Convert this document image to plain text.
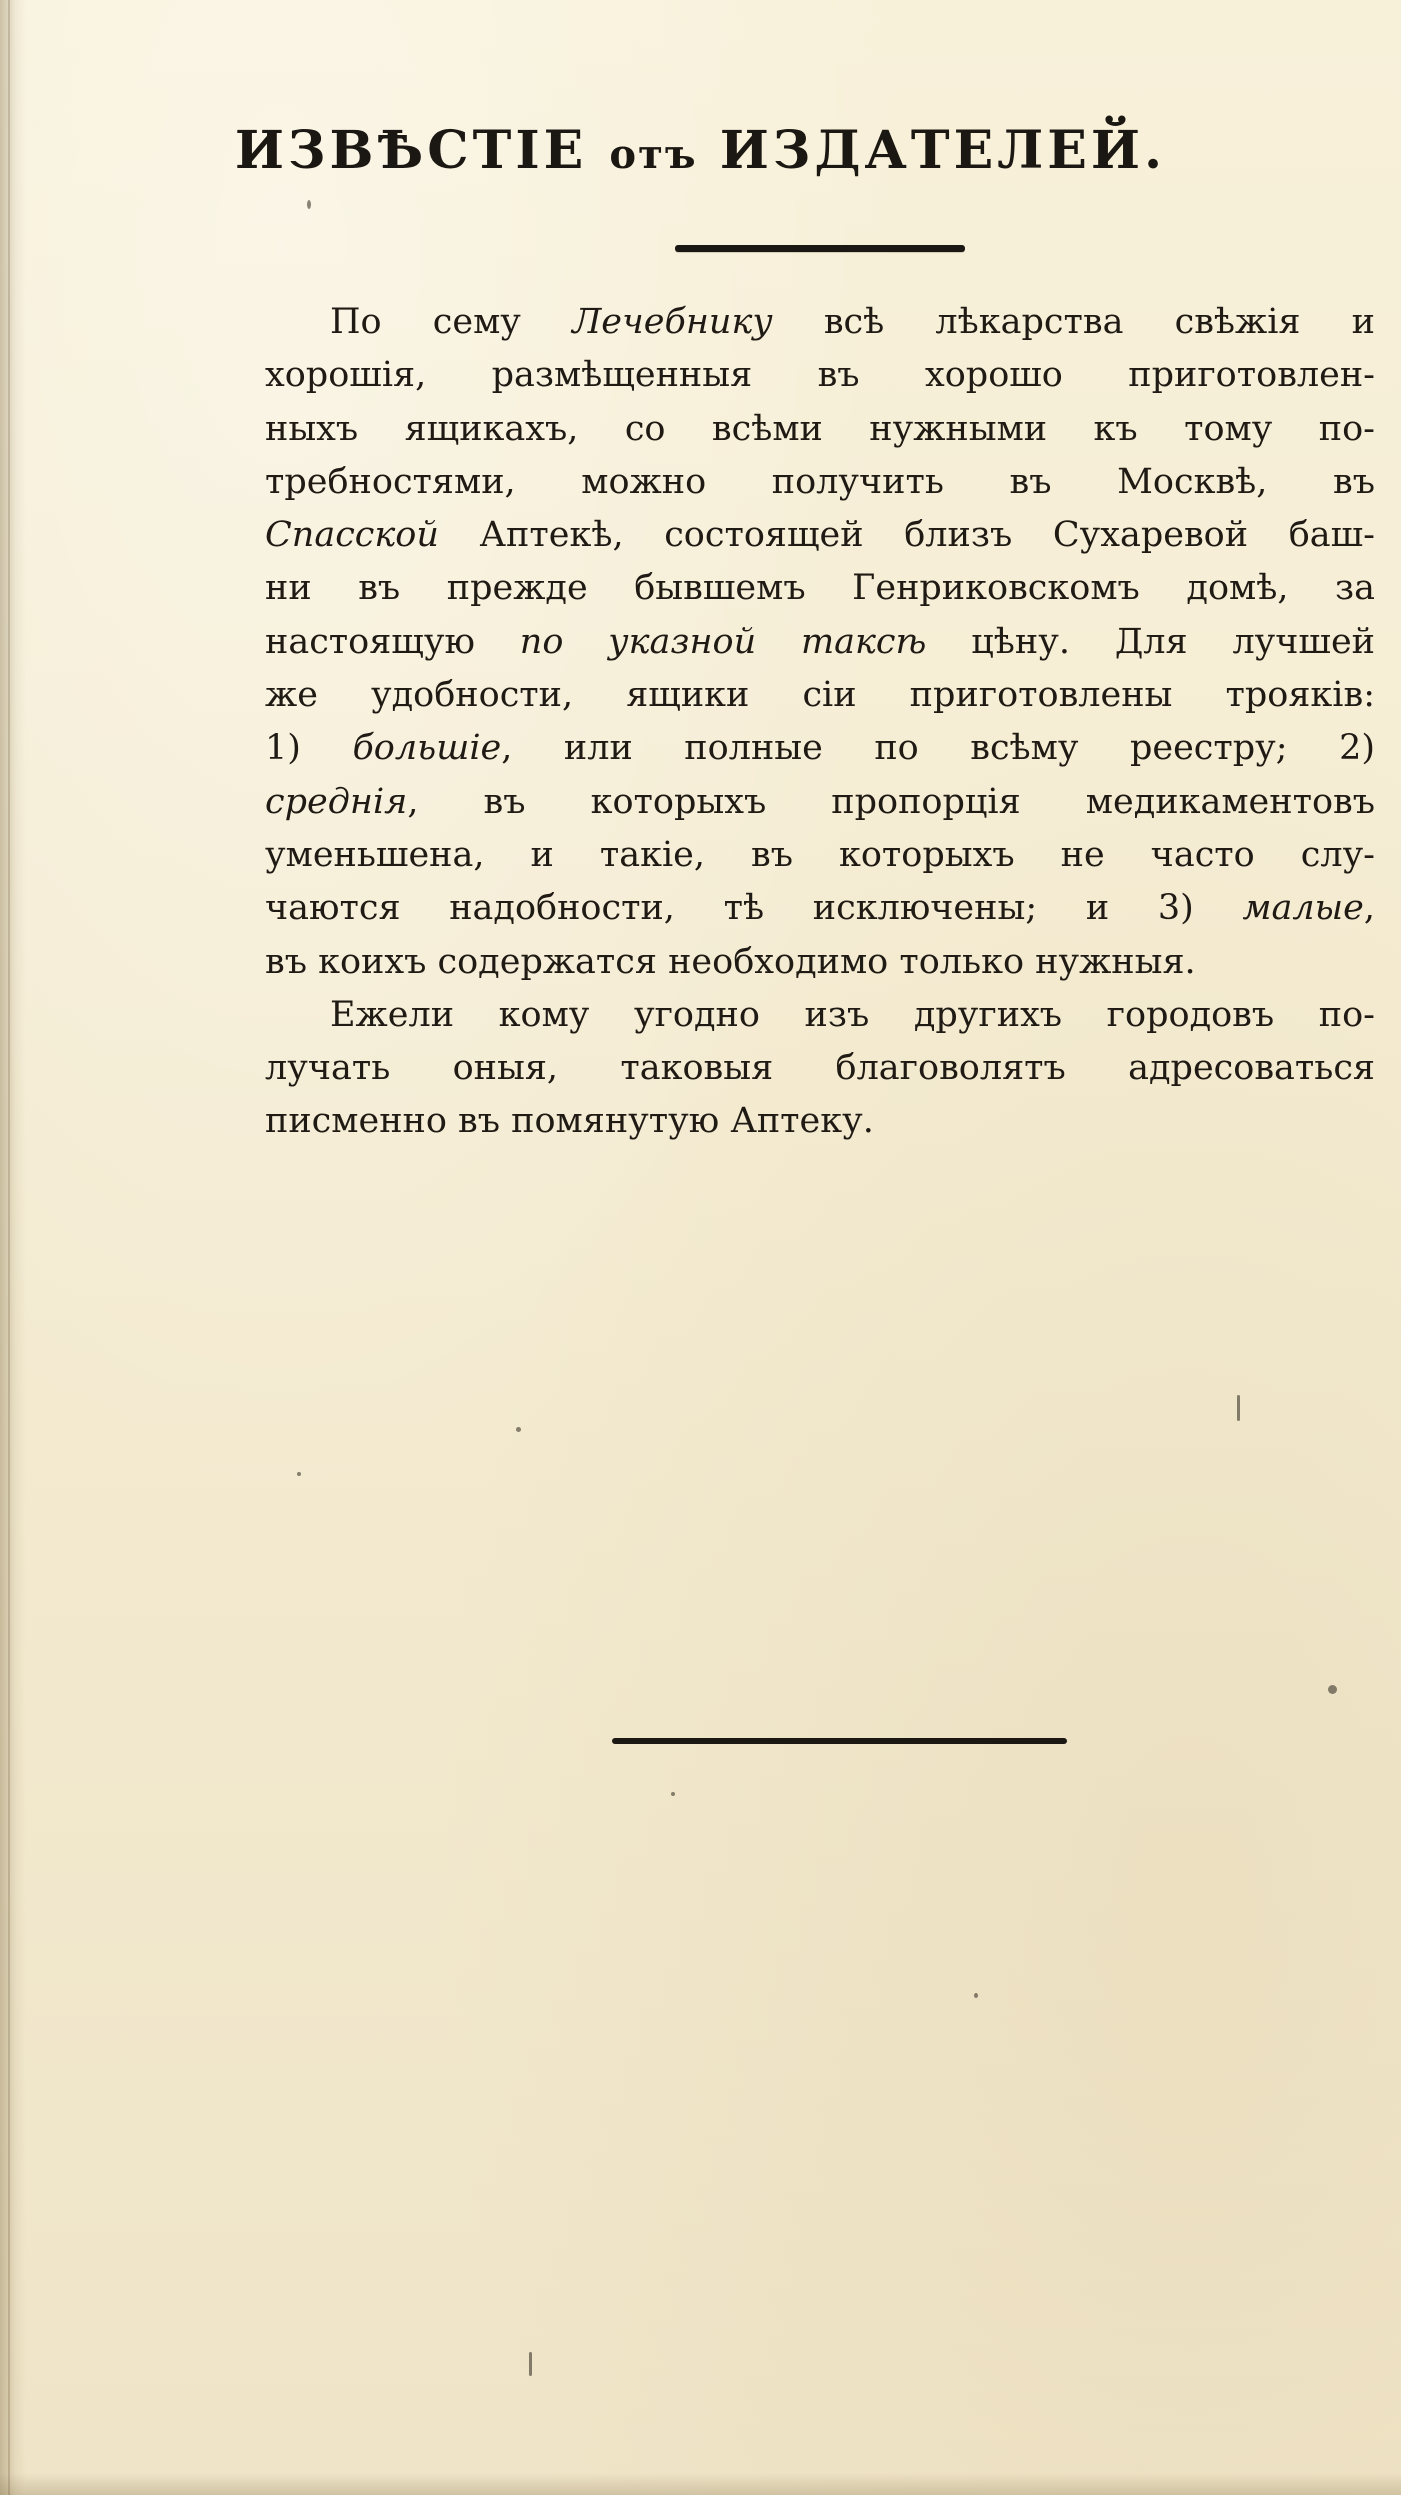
ИЗВѢСТІЕ отъ ИЗДАТЕЛЕЙ.
По сему Лечебнику всѣ лѣкарства свѣжія и
хорошія, размѣщенныя въ хорошо приготовлен-
ныхъ ящикахъ, со всѣми нужными къ тому по-
требностями, можно получить въ Москвѣ, въ
Спасской Аптекѣ, состоящей близъ Сухаревой баш-
ни въ прежде бывшемъ Генриковскомъ домѣ, за
настоящую по указной таксѣ цѣну. Для лучшей
же удобности, ящики сіи приготовлены трояків:
1) большіе, или полные по всѣму реестру; 2)
среднія, въ которыхъ пропорція медикаментовъ
уменьшена, и такіе, въ которыхъ не часто слу-
чаются надобности, тѣ исключены; и 3) малые,
въ коихъ содержатся необходимо только нужныя.
Ежели кому угодно изъ другихъ городовъ по-
лучать оныя, таковыя благоволятъ адресоваться
писменно въ помянутую Аптеку.
